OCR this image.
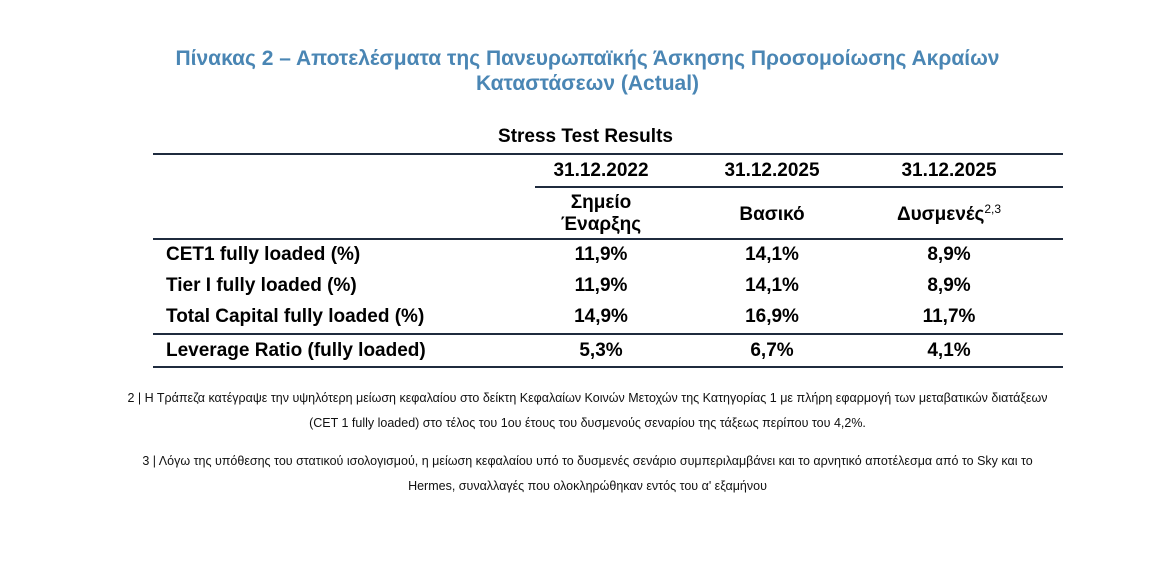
Πίνακας 2 – Αποτελέσματα της Πανευρωπαϊκής Άσκησης Προσομοίωσης Ακραίων
Καταστάσεων (Actual)
Stress Test Results
31.12.2022	31.12.2025	31.12.2025
Σημείο
Έναρξης	Βασικό	Δυσμενές$^{2,3}$
CET1 fully loaded (%)	11,9%	14,1%	8,9%
Tier I fully loaded (%)	11,9%	14,1%	8,9%
Total Capital fully loaded (%)	14,9%	16,9%	11,7%
Leverage Ratio (fully loaded)	5,3%	6,7%	4,1%
2 | Η Τράπεζα κατέγραψε την υψηλότερη μείωση κεφαλαίου στο δείκτη Κεφαλαίων Κοινών Μετοχών της Κατηγορίας 1 με πλήρη εφαρμογή των μεταβατικών διατάξεων
(CET 1 fully loaded) στο τέλος του 1ου έτους του δυσμενούς σεναρίου της τάξεως περίπου του 4,2%.
3 | Λόγω της υπόθεσης του στατικού ισολογισμού, η μείωση κεφαλαίου υπό το δυσμενές σενάριο συμπεριλαμβάνει και το αρνητικό αποτέλεσμα από το Sky και το
Hermes, συναλλαγές που ολοκληρώθηκαν εντός του α' εξαμήνου
